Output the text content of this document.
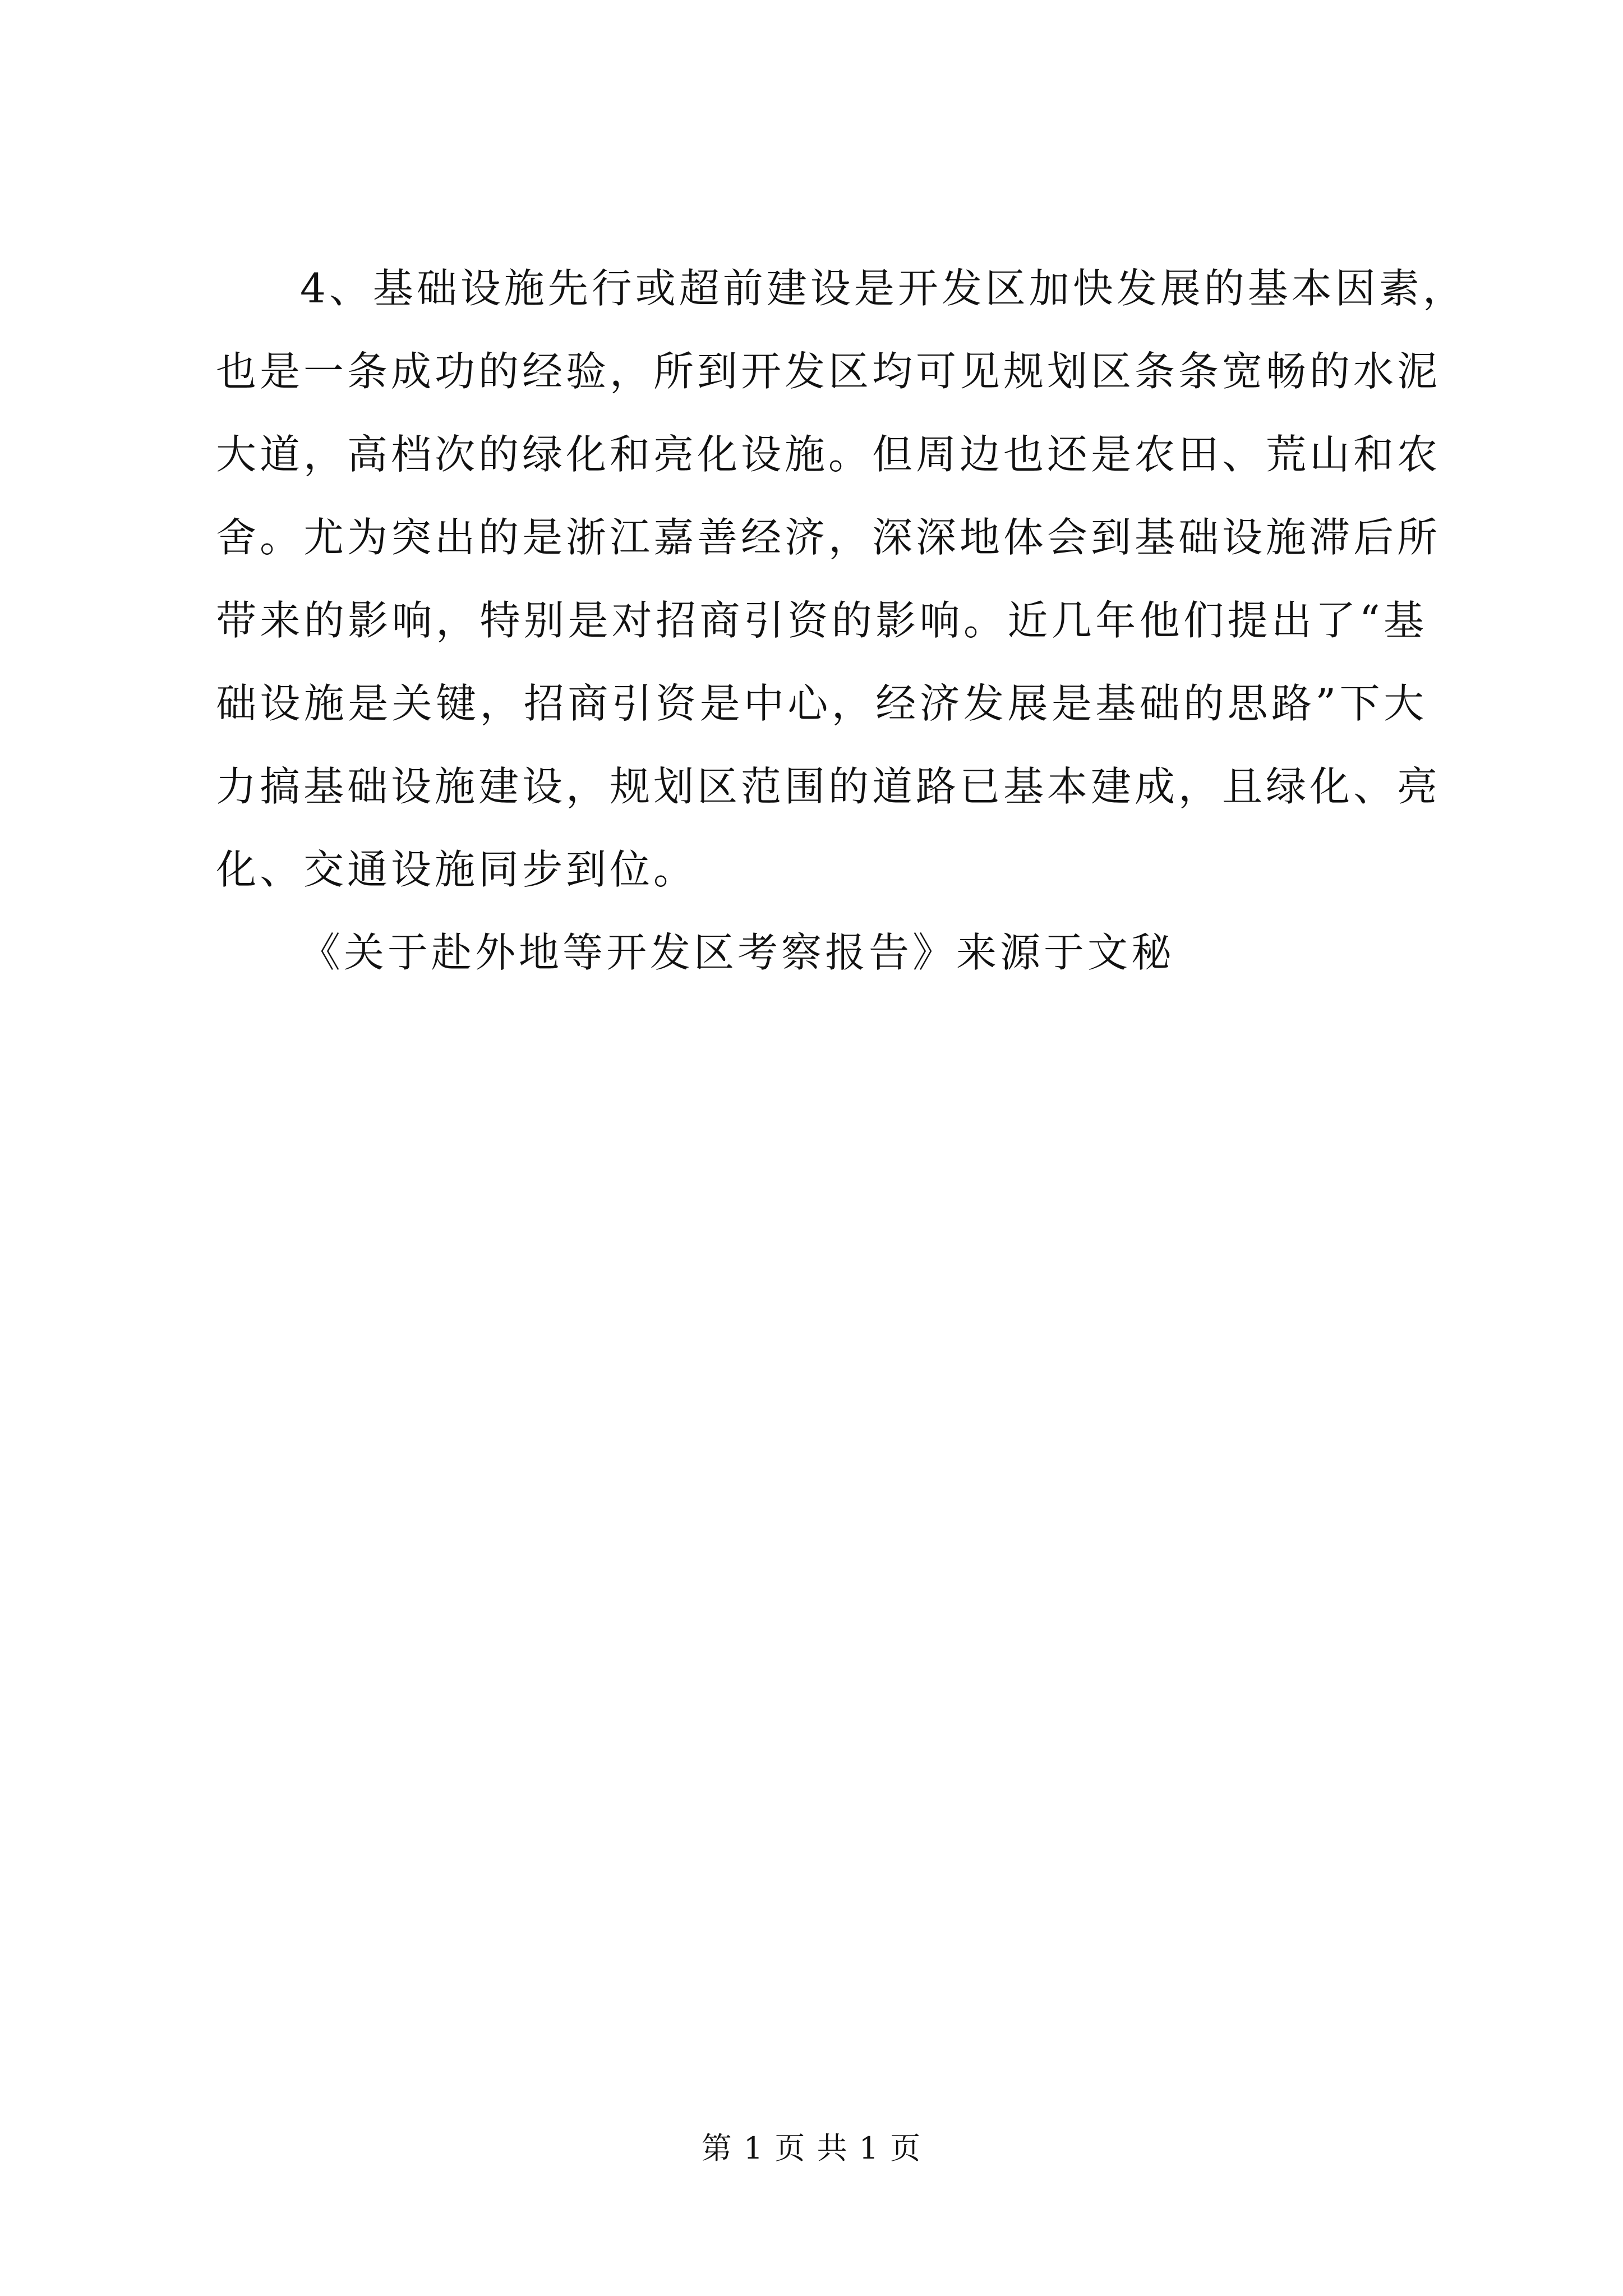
4、基础设施先行或超前建设是开发区加快发展的基本因素，
也是一条成功的经验，所到开发区均可见规划区条条宽畅的水泥
大道，高档次的绿化和亮化设施。但周边也还是农田、荒山和农
舍。尤为突出的是浙江嘉善经济，深深地体会到基础设施滞后所
带来的影响，特别是对招商引资的影响。近几年他们提出了“基
础设施是关键，招商引资是中心，经济发展是基础的思路”下大
力搞基础设施建设，规划区范围的道路已基本建成，且绿化、亮
化、交通设施同步到位。
《关于赴外地等开发区考察报告》来源于文秘
第 1 页 共 1 页
